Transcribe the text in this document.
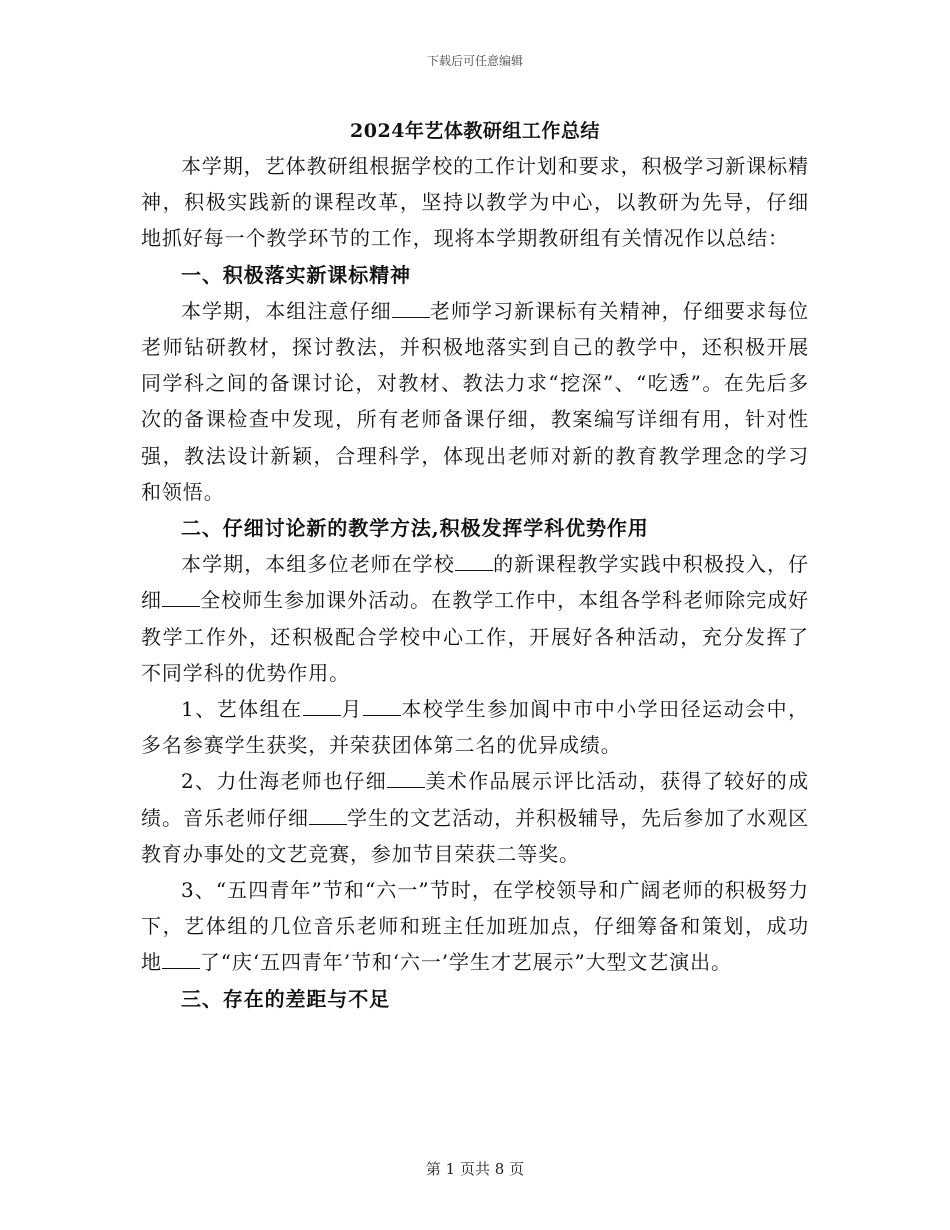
下载后可任意编辑
2024年艺体教研组工作总结

本学期，艺体教研组根据学校的工作计划和要求，积极学习新课标精神，积极实践新的课程改革，坚持以教学为中心，以教研为先导，仔细地抓好每一个教学环节的工作，现将本学期教研组有关情况作以总结：

一、积极落实新课标精神

本学期，本组注意仔细 老师学习新课标有关精神，仔细要求每位老师钻研教材，探讨教法，并积极地落实到自己的教学中，还积极开展同学科之间的备课讨论，对教材、教法力求“挖深”、“吃透”。在先后多次的备课检查中发现，所有老师备课仔细，教案编写详细有用，针对性强，教法设计新颖，合理科学，体现出老师对新的教育教学理念的学习和领悟。

二、仔细讨论新的教学方法,积极发挥学科优势作用

本学期，本组多位老师在学校 的新课程教学实践中积极投入，仔细 全校师生参加课外活动。在教学工作中，本组各学科老师除完成好教学工作外，还积极配合学校中心工作，开展好各种活动，充分发挥了不同学科的优势作用。

1、艺体组在 月 本校学生参加阆中市中小学田径运动会中，多名参赛学生获奖，并荣获团体第二名的优异成绩。

2、力仕海老师也仔细 美术作品展示评比活动，获得了较好的成绩。音乐老师仔细 学生的文艺活动，并积极辅导，先后参加了水观区教育办事处的文艺竞赛，参加节目荣获二等奖。

3、“五四青年”节和“六一”节时，在学校领导和广阔老师的积极努力下，艺体组的几位音乐老师和班主任加班加点，仔细筹备和策划，成功地 了“庆‘五四青年’节和‘六一’学生才艺展示”大型文艺演出。

三、存在的差距与不足
第 1 页共 8 页
